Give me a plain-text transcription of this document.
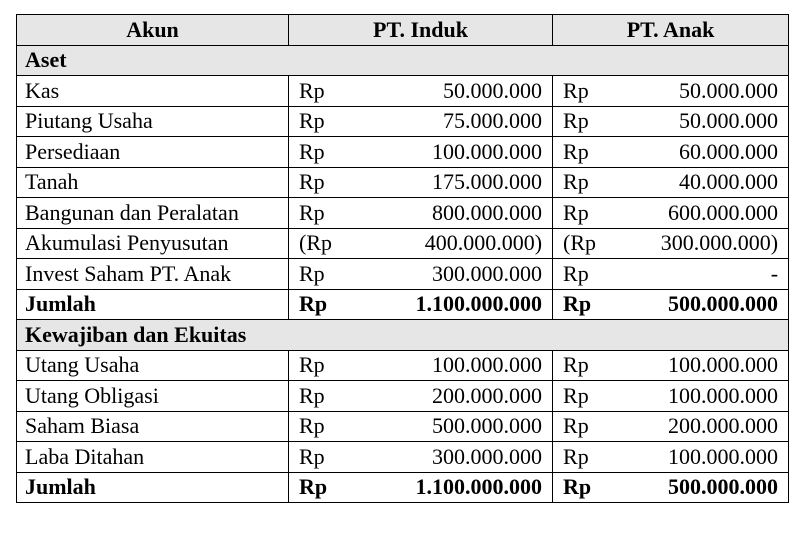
Akun	PT. Induk		PT. Anak	
Aset				
Kas	Rp	50.000.000	Rp	50.000.000
Piutang Usaha	Rp	75.000.000	Rp	50.000.000
Persediaan	Rp	100.000.000	Rp	60.000.000
Tanah	Rp	175.000.000	Rp	40.000.000
Bangunan dan Peralatan	Rp	800.000.000	Rp	600.000.000
Akumulasi Penyusutan	(Rp	400.000.000)	(Rp	300.000.000)
Invest Saham PT. Anak	Rp	300.000.000	Rp	-
Jumlah	Rp	1.100.000.000	Rp	500.000.000
Kewajiban dan Ekuitas				
Utang Usaha	Rp	100.000.000	Rp	100.000.000
Utang Obligasi	Rp	200.000.000	Rp	100.000.000
Saham Biasa	Rp	500.000.000	Rp	200.000.000
Laba Ditahan	Rp	300.000.000	Rp	100.000.000
Jumlah	Rp	1.100.000.000	Rp	500.000.000
